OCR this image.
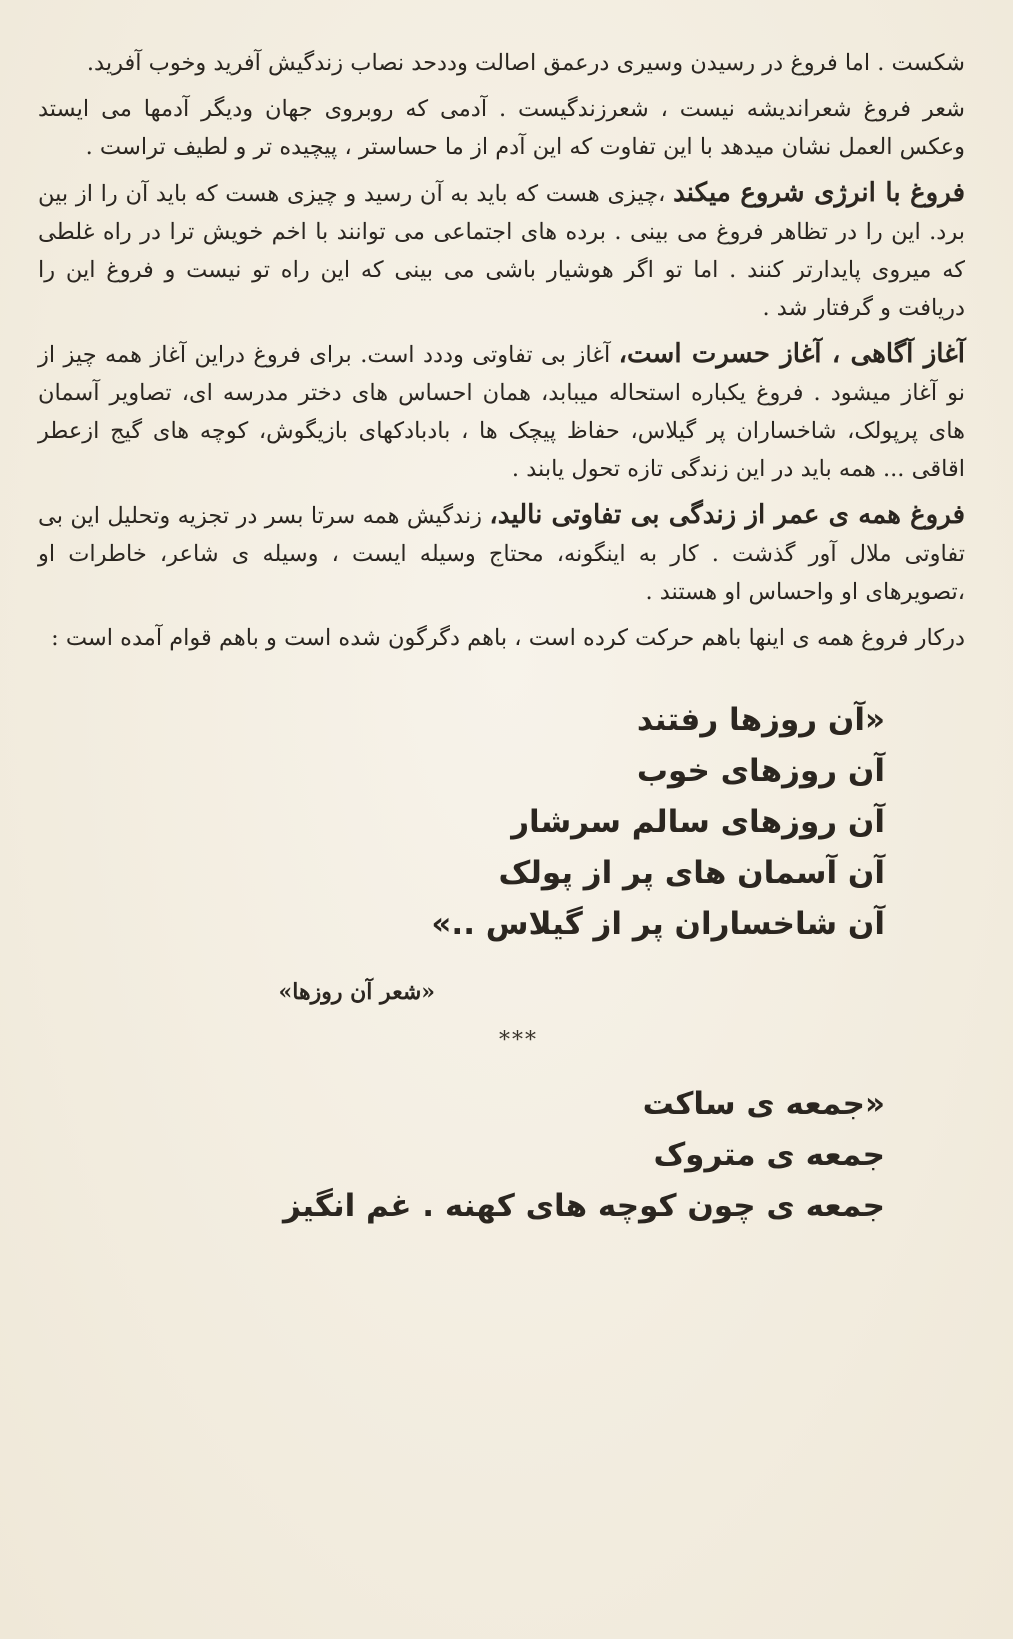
شکست . اما فروغ در رسیدن وسیری درعمق اصالت وددحد نصاب زندگیش آفرید وخوب آفرید.

شعر فروغ شعراندیشه نیست ، شعرزندگیست . آدمی که روبروی جهان ودیگر آدمها می ایستد وعکس العمل نشان میدهد با این تفاوت که این آدم از ما حساستر ، پیچیده تر و لطیف تراست .

فروغ با انرژی شروع میکند ،چیزی هست که باید به آن رسید و چیزی هست که باید آن را از بین برد. این را در تظاهر فروغ می بینی . برده های اجتماعی می توانند با اخم خویش ترا در راه غلطی که میروی پایدارتر کنند . اما تو اگر هوشیار باشی می بینی که این راه تو نیست و فروغ این را دریافت و گرفتار شد .

آغاز آگاهی ، آغاز حسرت است، آغاز بی تفاوتی وددد است. برای فروغ دراین آغاز همه چیز از نو آغاز میشود . فروغ یکباره استحاله میبابد، همان احساس های دختر مدرسه ای، تصاویر آسمان های پرپولک، شاخساران پر گیلاس، حفاظ پیچک ها ، بادبادکهای بازیگوش، کوچه های گیج ازعطر اقاقی ... همه باید در این زندگی تازه تحول یابند .

فروغ همه ی عمر از زندگی بی تفاوتی نالید، زندگیش همه سرتا بسر در تجزیه وتحلیل این بی تفاوتی ملال آور گذشت . کار به اینگونه، محتاج وسیله ایست ، وسیله ی شاعر، خاطرات او ،تصویرهای او واحساس او هستند .

درکار فروغ همه ی اینها باهم حرکت کرده است ، باهم دگرگون شده است و باهم قوام آمده است :

«آن روزها رفتند
آن روزهای خوب
آن روزهای سالم سرشار
آن آسمان های پر از پولک
آن شاخساران پر از گیلاس ..»

«شعر آن روزها»

***

«جمعه ی ساکت
جمعه ی متروک
جمعه ی چون کوچه های کهنه . غم انگیز
